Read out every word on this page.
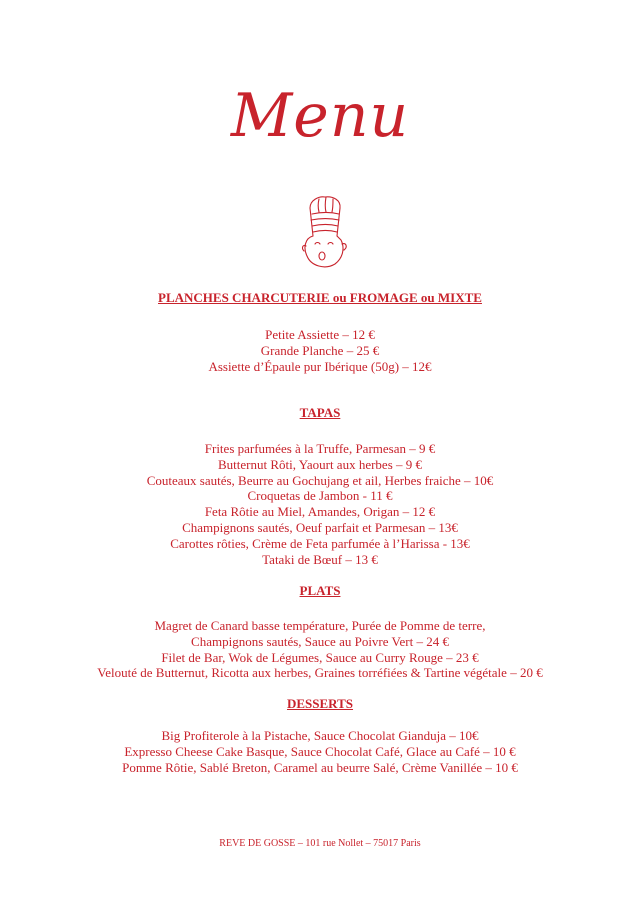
Menu
PLANCHES CHARCUTERIE ou FROMAGE ou MIXTE
Petite Assiette – 12 €
Grande Planche – 25 €
Assiette d’Épaule pur Ibérique (50g) – 12€
TAPAS
Frites parfumées à la Truffe, Parmesan – 9 €
Butternut Rôti, Yaourt aux herbes – 9 €
Couteaux sautés, Beurre au Gochujang et ail, Herbes fraiche – 10€
Croquetas de Jambon - 11 €
Feta Rôtie au Miel, Amandes, Origan – 12 €
Champignons sautés, Oeuf parfait et Parmesan – 13€
Carottes rôties, Crème de Feta parfumée à l’Harissa - 13€
Tataki de Bœuf – 13 €
PLATS
Magret de Canard basse température, Purée de Pomme de terre,
Champignons sautés, Sauce au Poivre Vert – 24 €
Filet de Bar, Wok de Légumes, Sauce au Curry Rouge – 23 €
Velouté de Butternut, Ricotta aux herbes, Graines torréfiées & Tartine végétale – 20 €
DESSERTS
Big Profiterole à la Pistache, Sauce Chocolat Gianduja – 10€
Expresso Cheese Cake Basque, Sauce Chocolat Café, Glace au Café – 10 €
Pomme Rôtie, Sablé Breton, Caramel au beurre Salé, Crème Vanillée – 10 €
REVE DE GOSSE – 101 rue Nollet – 75017 Paris
